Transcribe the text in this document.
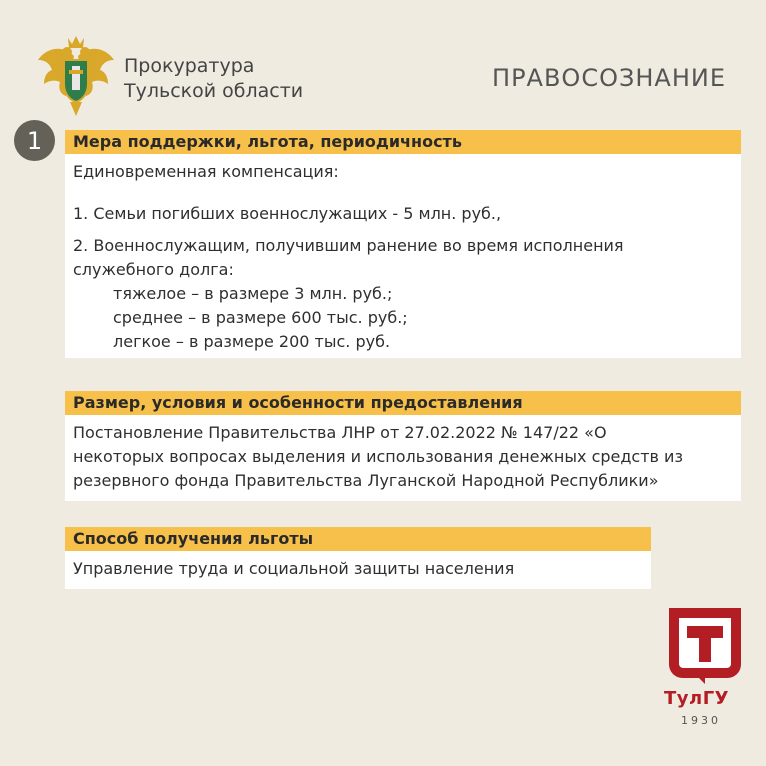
Прокуратура
Тульской области	ПРАВОСОЗНАНИЕ
1	Мера поддержки, льгота, периодичность
Единовременная компенсация:
1. Семьи погибших военнослужащих - 5 млн. руб.,
2. Военнослужащим, получившим ранение во время исполнения
служебного долга:
тяжелое – в размере 3 млн. руб.;
среднее – в размере 600 тыс. руб.;
легкое – в размере 200 тыс. руб.
Размер, условия и особенности предоставления
Постановление Правительства ЛНР от 27.02.2022 № 147/22 «О
некоторых вопросах выделения и использования денежных средств из
резервного фонда Правительства Луганской Народной Республики»
Способ получения льготы
Управление труда и социальной защиты населения
ТулГУ
1930
